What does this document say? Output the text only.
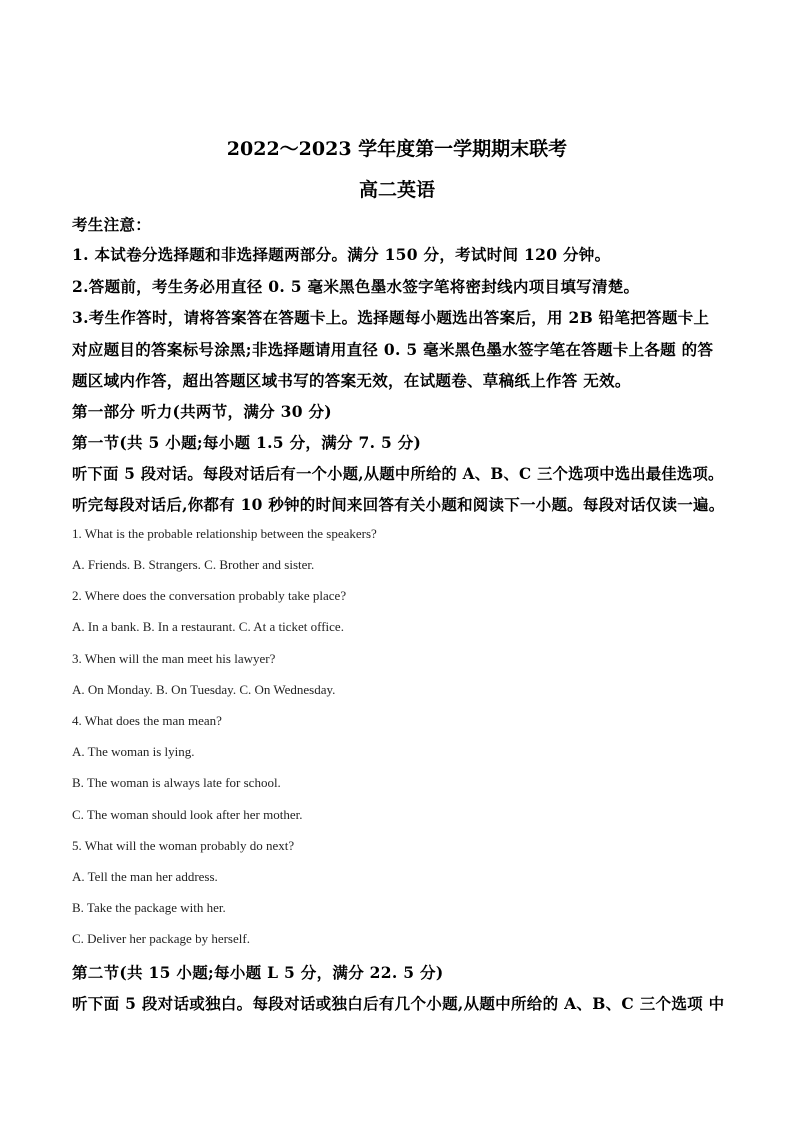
2022～2023 学年度第一学期期末联考
高二英语
考生注意：
1. 本试卷分选择题和非选择题两部分。满分 150 分，考试时间 120 分钟。
2.答题前，考生务必用直径 0. 5 毫米黑色墨水签字笔将密封线内项目填写清楚。
3.考生作答时，请将答案答在答题卡上。选择题每小题选出答案后，用 2B 铅笔把答题卡上
对应题目的答案标号涂黑;非选择题请用直径 0. 5 毫米黑色墨水签字笔在答题卡上各题 的答
题区域内作答，超出答题区域书写的答案无效，在试题卷、草稿纸上作答 无效。
第一部分 听力(共两节，满分 30 分)
第一节(共 5 小题;每小题 1.5 分，满分 7. 5 分)
听下面 5 段对话。每段对话后有一个小题,从题中所给的 A、B、C 三个选项中选出最佳选项。
听完每段对话后,你都有 10 秒钟的时间来回答有关小题和阅读下一小题。每段对话仅读一遍。
1. What is the probable relationship between the speakers?
A. Friends. B. Strangers. C. Brother and sister.
2. Where does the conversation probably take place?
A. In a bank. B. In a restaurant. C. At a ticket office.
3. When will the man meet his lawyer?
A. On Monday. B. On Tuesday. C. On Wednesday.
4. What does the man mean?
A. The woman is lying.
B. The woman is always late for school.
C. The woman should look after her mother.
5. What will the woman probably do next?
A. Tell the man her address.
B. Take the package with her.
C. Deliver her package by herself.
第二节(共 15 小题;每小题 L 5 分，满分 22. 5 分)
听下面 5 段对话或独白。每段对话或独白后有几个小题,从题中所给的 A、B、C 三个选项 中
